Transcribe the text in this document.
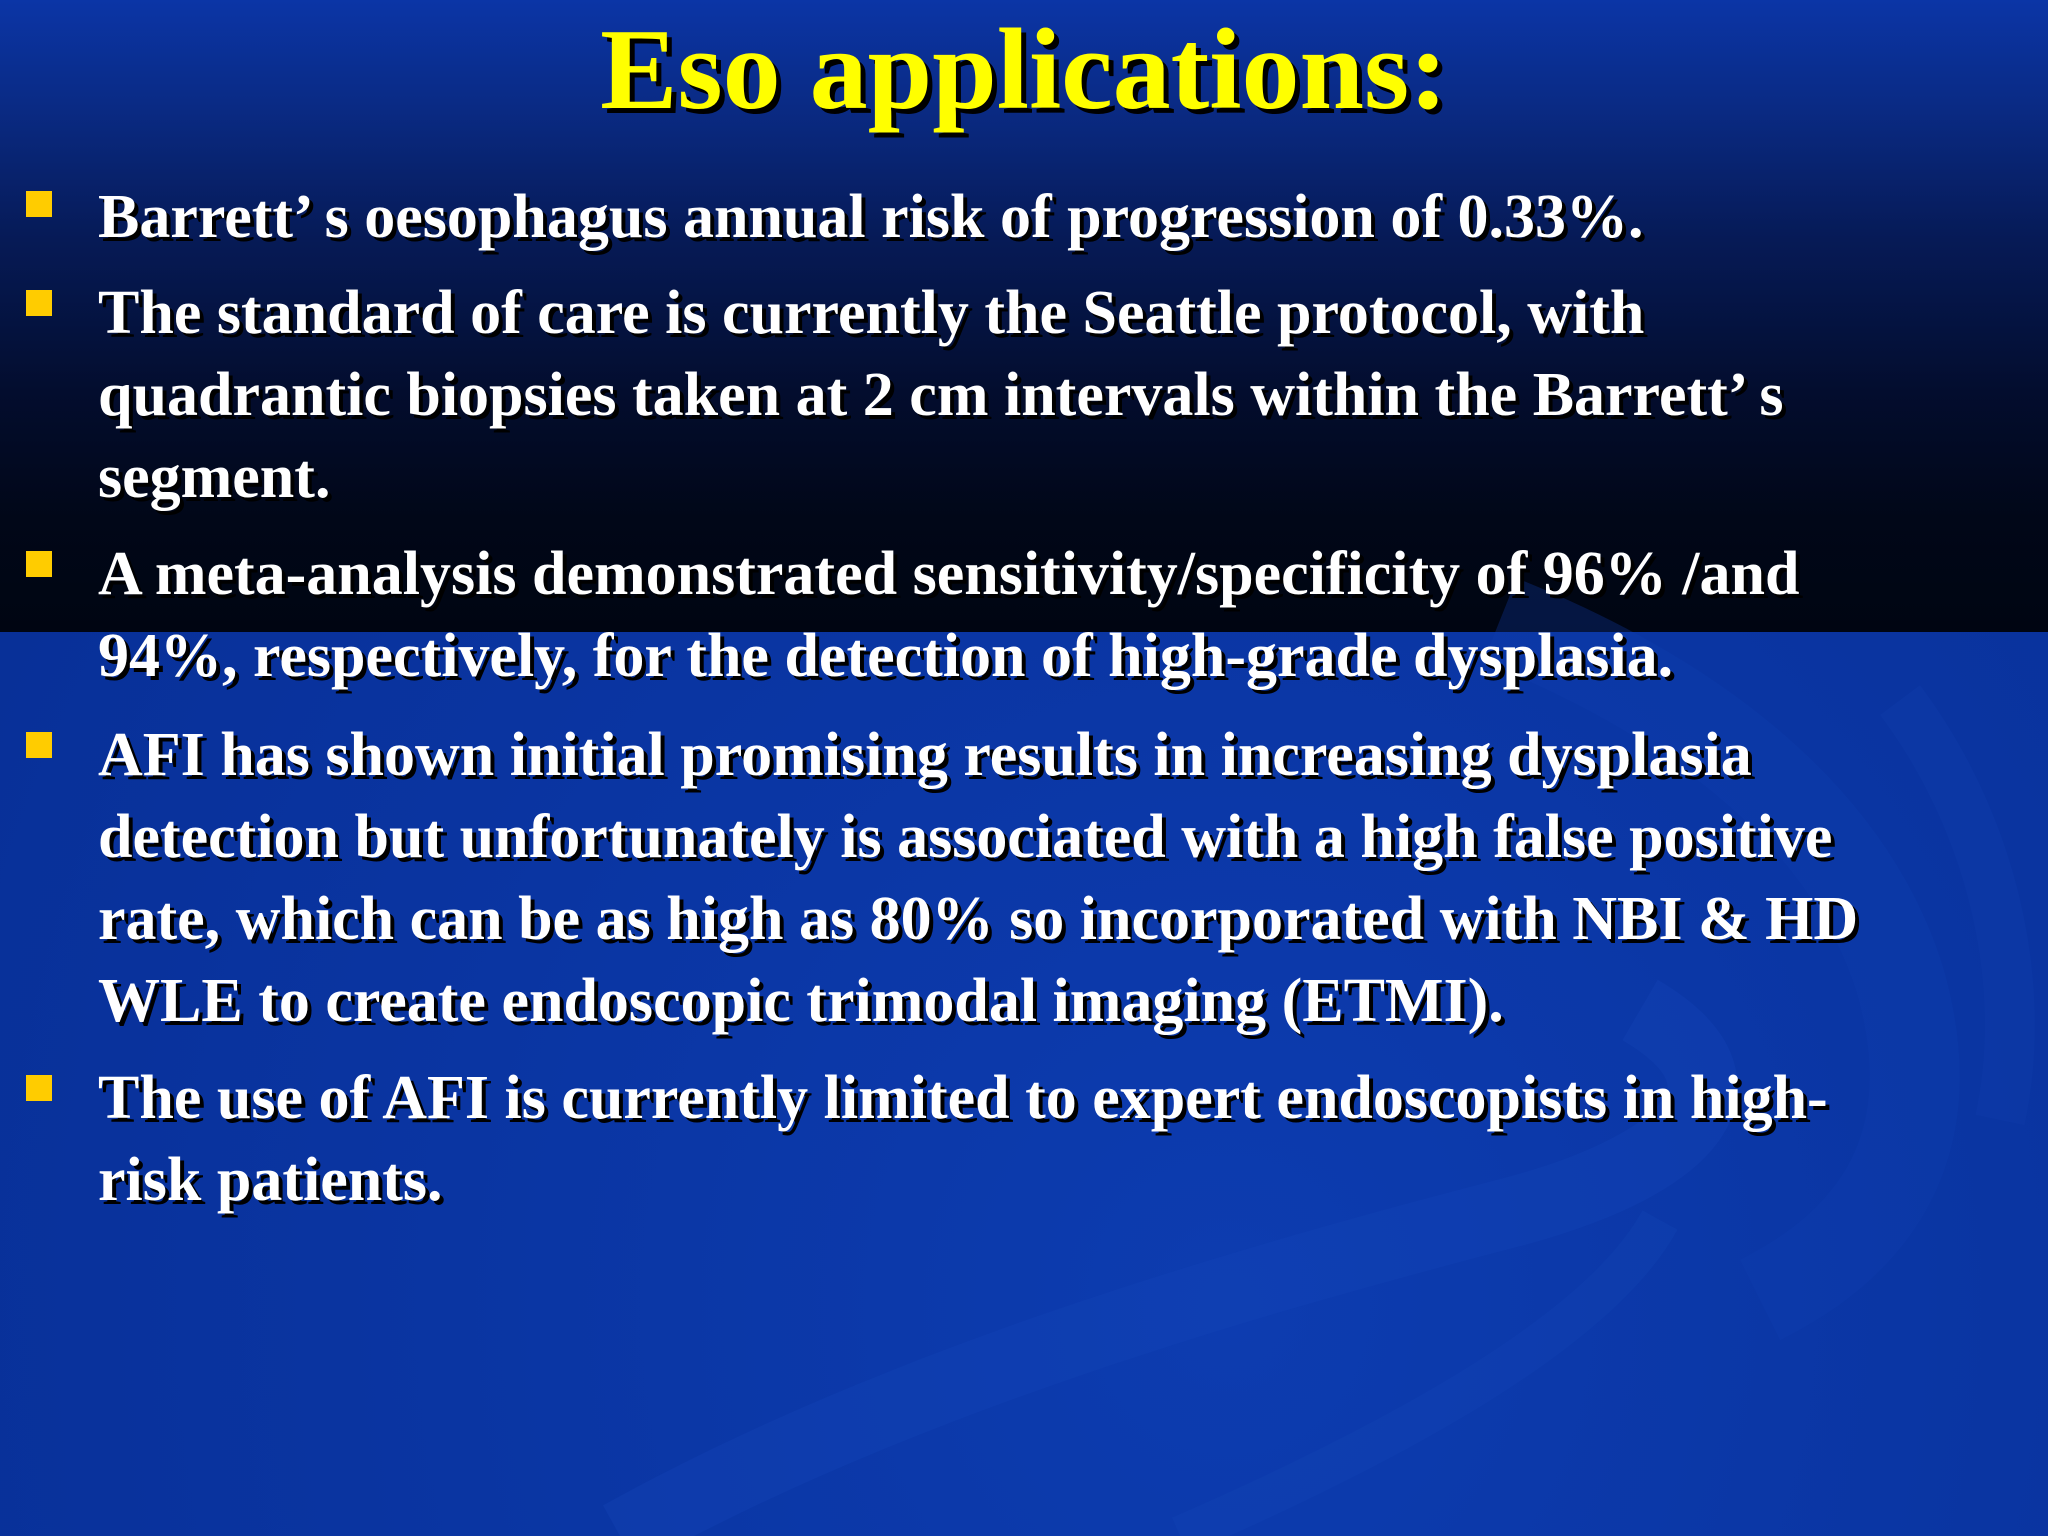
Eso applications:
Barrett’ s oesophagus annual risk of progression of 0.33%.
The standard of care is currently the Seattle protocol, with
quadrantic biopsies taken at 2 cm intervals within the Barrett’ s
segment.
A meta-analysis demonstrated sensitivity/specificity of 96% /and
94%, respectively, for the detection of high-grade dysplasia.
AFI has shown initial promising results in increasing dysplasia
detection but unfortunately is associated with a high false positive
rate, which can be as high as 80% so incorporated with NBI & HD
WLE to create endoscopic trimodal imaging (ETMI).
The use of AFI is currently limited to expert endoscopists in high-
risk patients.
